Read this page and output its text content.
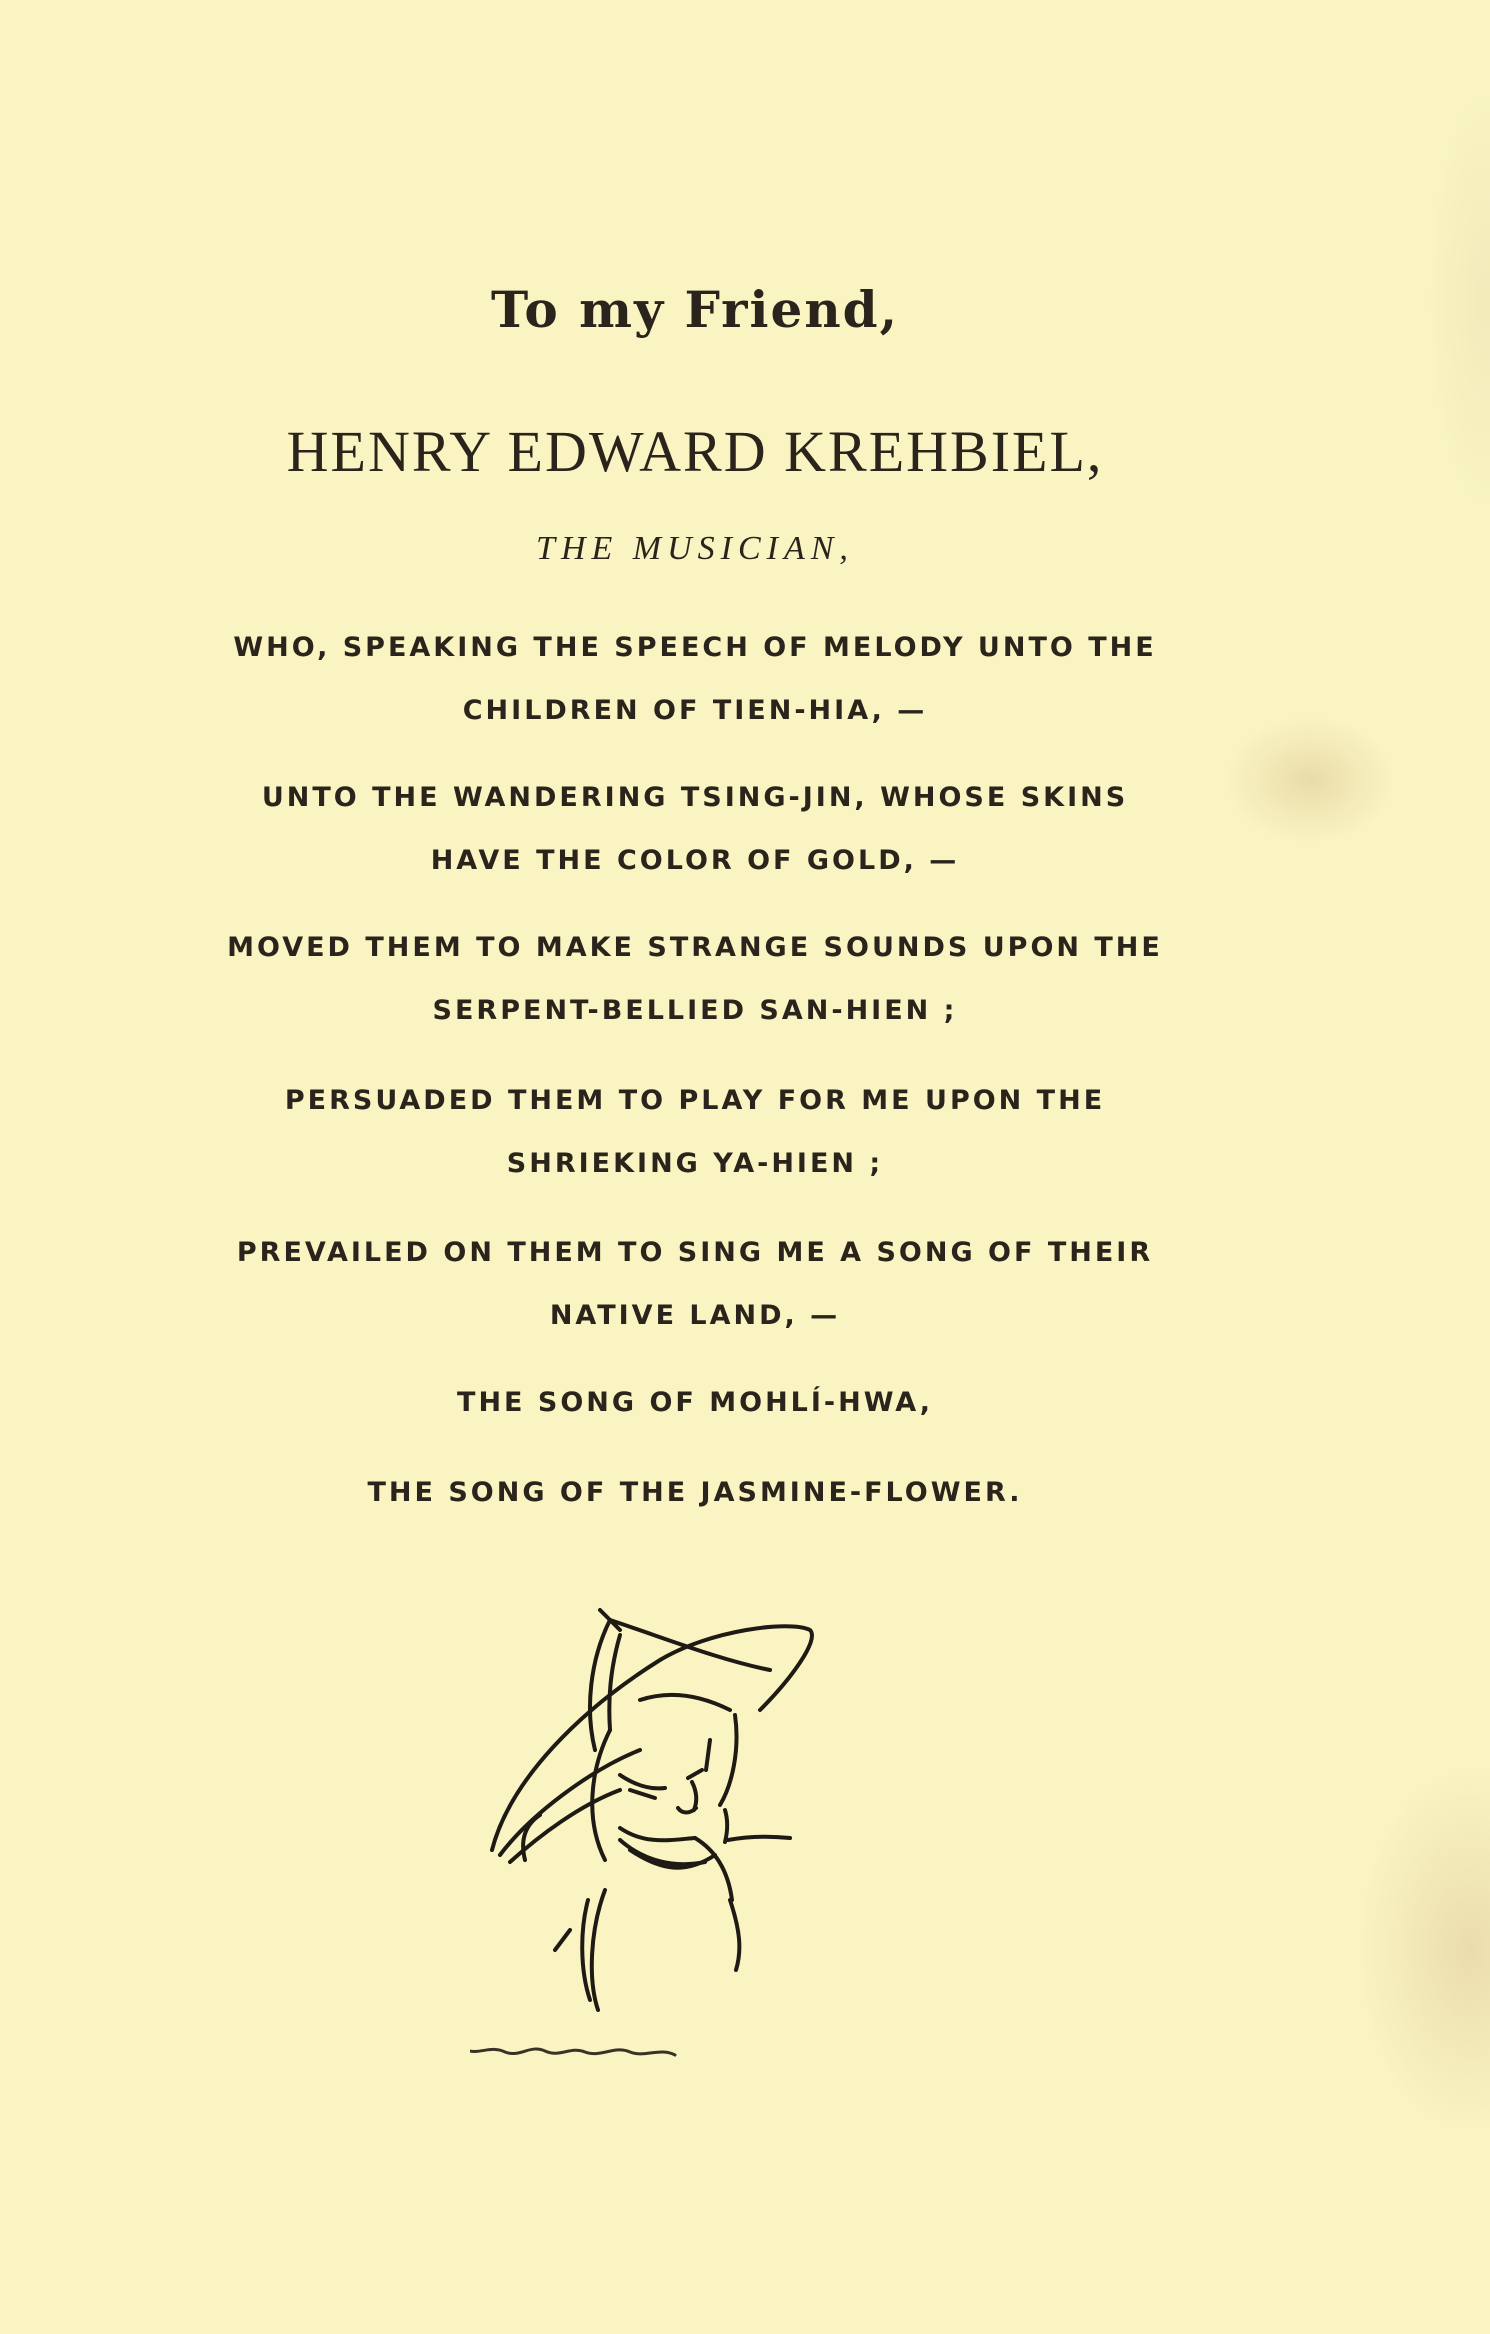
To my Friend,
HENRY EDWARD KREHBIEL,
THE MUSICIAN,
WHO, SPEAKING THE SPEECH OF MELODY UNTO THE
CHILDREN OF TIEN-HIA, —
UNTO THE WANDERING TSING-JIN, WHOSE SKINS
HAVE THE COLOR OF GOLD, —
MOVED THEM TO MAKE STRANGE SOUNDS UPON THE
SERPENT-BELLIED SAN-HIEN ;
PERSUADED THEM TO PLAY FOR ME UPON THE
SHRIEKING YA-HIEN ;
PREVAILED ON THEM TO SING ME A SONG OF THEIR
NATIVE LAND, —
THE SONG OF MOHLÍ-HWA,
THE SONG OF THE JASMINE-FLOWER.
